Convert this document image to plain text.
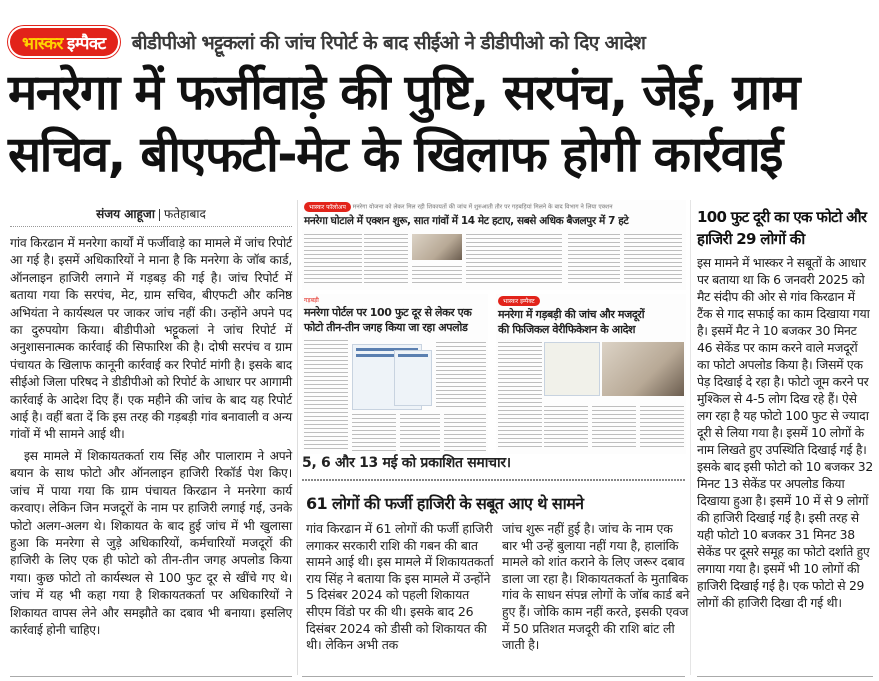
भास्कर इम्पैक्ट बीडीपीओ भट्टूकलां की जांच रिपोर्ट के बाद सीईओ ने डीडीपीओ को दिए आदेश
मनरेगा में फर्जीवाड़े की पुष्टि, सरपंच, जेई, ग्राम
सचिव, बीएफटी-मेट के खिलाफ होगी कार्रवाई
संजय आहूजा फतेहाबाद

गांव किरढान में मनरेगा कार्यों में फर्जीवाड़े का मामले में जांच रिपोर्ट आ गई है। इसमें अधिकारियों ने माना है कि मनरेगा के जॉब कार्ड, ऑनलाइन हाजिरी लगाने में गड़बड़ की गई है। जांच रिपोर्ट में बताया गया कि सरपंच, मेट, ग्राम सचिव, बीएफटी और कनिष्ठ अभियंता ने कार्यस्थल पर जाकर जांच नहीं की। उन्होंने अपने पद का दुरुपयोग किया। बीडीपीओ भट्टूकलां ने जांच रिपोर्ट में अनुशासनात्मक कार्रवाई की सिफारिश की है। दोषी सरपंच व ग्राम पंचायत के खिलाफ कानूनी कार्रवाई कर रिपोर्ट मांगी है। इसके बाद सीईओ जिला परिषद ने डीडीपीओ को रिपोर्ट के आधार पर आगामी कार्रवाई के आदेश दिए हैं। एक महीने की जांच के बाद यह रिपोर्ट आई है। वहीं बता दें कि इस तरह की गड़बड़ी गांव बनावाली व अन्य गांवों में भी सामने आई थी।

इस मामले में शिकायतकर्ता राय सिंह और पालाराम ने अपने बयान के साथ फोटो और ऑनलाइन हाजिरी रिकॉर्ड पेश किए। जांच में पाया गया कि ग्राम पंचायत किरढान ने मनरेगा कार्य करवाए। लेकिन जिन मजदूरों के नाम पर हाजिरी लगाई गई, उनके फोटो अलग-अलग थे। शिकायत के बाद हुई जांच में भी खुलासा हुआ कि मनरेगा से जुड़े अधिकारियों, कर्मचारियों मजदूरों की हाजिरी के लिए एक ही फोटो को तीन-तीन जगह अपलोड किया गया। कुछ फोटो तो कार्यस्थल से 100 फुट दूर से खींचे गए थे। जांच में यह भी कहा गया है शिकायतकर्ता पर अधिकारियों ने शिकायत वापस लेने और समझौते का दबाव भी बनाया। इसलिए कार्रवाई होनी चाहिए।

भास्कर फॉलोअप मनरेगा योजना को लेकर मिल रही शिकायतों की जांच में शुरुआती तौर पर गड़बड़ियां मिलने के बाद विभाग ने लिया एक्शन
मनरेगा घोटाले में एक्शन शुरू, सात गांवों में 14 मेट हटाए, सबसे अधिक बैजलपुर में 7 हटे
गड़बड़ी
मनरेगा पोर्टल पर 100 फुट दूर से लेकर एक
फोटो तीन-तीन जगह किया जा रहा अपलोड
भास्कर इम्पैक्ट
मनरेगा में गड़बड़ी की जांच और मजदूरों
की फिजिकल वेरीफिकेशन के आदेश
5, 6 और 13 मई को प्रकाशित समाचार।
61 लोगों की फर्जी हाजिरी के सबूत आए थे सामने
गांव किरढान में 61 लोगों की फर्जी हाजिरी लगाकर सरकारी राशि की गबन की बात सामने आई थी। इस मामले में शिकायतकर्ता राय सिंह ने बताया कि इस मामले में उन्होंने 5 दिसंबर 2024 को पहली शिकायत सीएम विंडो पर की थी। इसके बाद 26 दिसंबर 2024 को डीसी को शिकायत की थी। लेकिन अभी तक
जांच शुरू नहीं हुई है। जांच के नाम एक बार भी उन्हें बुलाया नहीं गया है, हालांकि मामले को शांत कराने के लिए जरूर दबाव डाला जा रहा है। शिकायतकर्ता के मुताबिक गांव के साधन संपन्न लोगों के जॉब कार्ड बने हुए हैं। जोकि काम नहीं करते, इसकी एवज में 50 प्रतिशत मजदूरी की राशि बांट ली जाती है।
100 फुट दूरी का एक फोटो और हाजिरी 29 लोगों की
इस मामने में भास्कर ने सबूतों के आधार पर बताया था कि 6 जनवरी 2025 को मैट संदीप की ओर से गांव किरढान में टैंक से गाद सफाई का काम दिखाया गया है। इसमें मैट ने 10 बजकर 30 मिनट 46 सेकेंड पर काम करने वाले मजदूरों का फोटो अपलोड किया है। जिसमें एक पेड़ दिखाई दे रहा है। फोटो जूम करने पर मुश्किल से 4-5 लोग दिख रहे हैं। ऐसे लग रहा है यह फोटो 100 फुट से ज्यादा दूरी से लिया गया है। इसमें 10 लोगों के नाम लिखते हुए उपस्थिति दिखाई गई है। इसके बाद इसी फोटो को 10 बजकर 32 मिनट 13 सेकेंड पर अपलोड किया दिखाया हुआ है। इसमें 10 में से 9 लोगों की हाजिरी दिखाई गई है। इसी तरह से यही फोटो 10 बजकर 31 मिनट 38 सेकेंड पर दूसरे समूह का फोटो दर्शाते हुए लगाया गया है। इसमें भी 10 लोगों की हाजिरी दिखाई गई है। एक फोटो से 29 लोगों की हाजिरी दिखा दी गई थी।
